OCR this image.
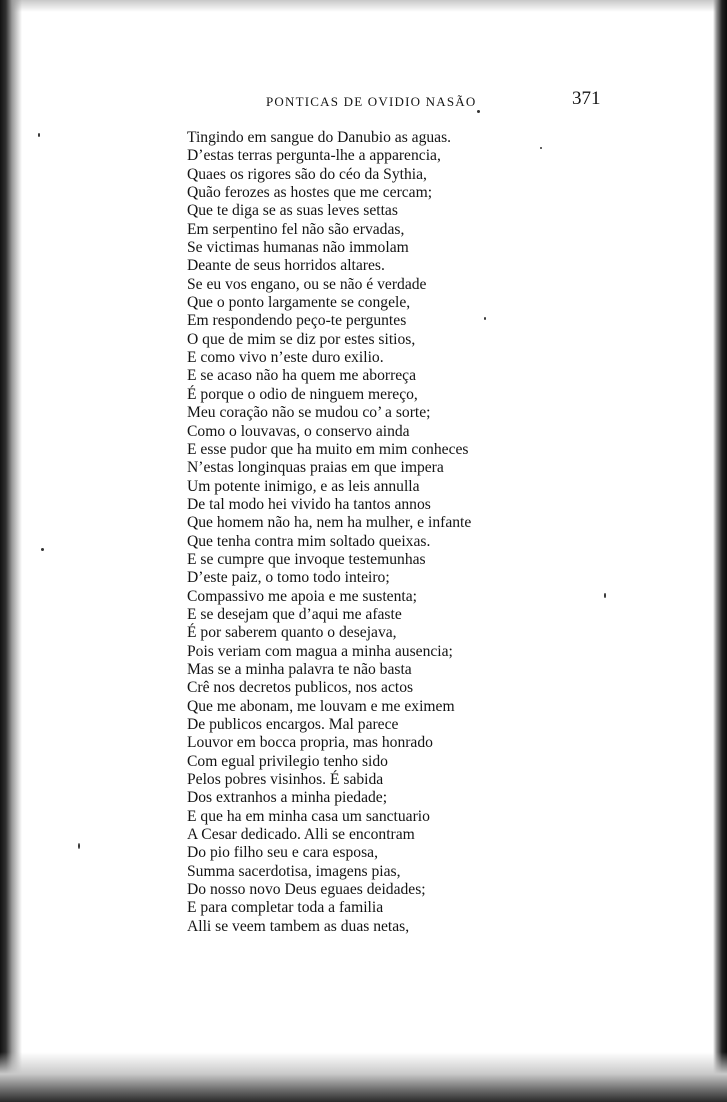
PONTICAS DE OVIDIO NASÃO	371
Tingindo em sangue do Danubio as aguas.
D’estas terras pergunta-lhe a apparencia,
Quaes os rigores são do céo da Sythia,
Quão ferozes as hostes que me cercam;
Que te diga se as suas leves settas
Em serpentino fel não são ervadas,
Se victimas humanas não immolam
Deante de seus horridos altares.
Se eu vos engano, ou se não é verdade
Que o ponto largamente se congele,
Em respondendo peço-te perguntes
O que de mim se diz por estes sitios,
E como vivo n’este duro exilio.
E se acaso não ha quem me aborreça
É porque o odio de ninguem mereço,
Meu coração não se mudou co’ a sorte;
Como o louvavas, o conservo ainda
E esse pudor que ha muito em mim conheces
N’estas longinquas praias em que impera
Um potente inimigo, e as leis annulla
De tal modo hei vivido ha tantos annos
Que homem não ha, nem ha mulher, e infante
Que tenha contra mim soltado queixas.
E se cumpre que invoque testemunhas
D’este paiz, o tomo todo inteiro;
Compassivo me apoia e me sustenta;
E se desejam que d’aqui me afaste
É por saberem quanto o desejava,
Pois veriam com magua a minha ausencia;
Mas se a minha palavra te não basta
Crê nos decretos publicos, nos actos
Que me abonam, me louvam e me eximem
De publicos encargos. Mal parece
Louvor em bocca propria, mas honrado
Com egual privilegio tenho sido
Pelos pobres visinhos. É sabida
Dos extranhos a minha piedade;
E que ha em minha casa um sanctuario
A Cesar dedicado. Alli se encontram
Do pio filho seu e cara esposa,
Summa sacerdotisa, imagens pias,
Do nosso novo Deus eguaes deidades;
E para completar toda a familia
Alli se veem tambem as duas netas,
